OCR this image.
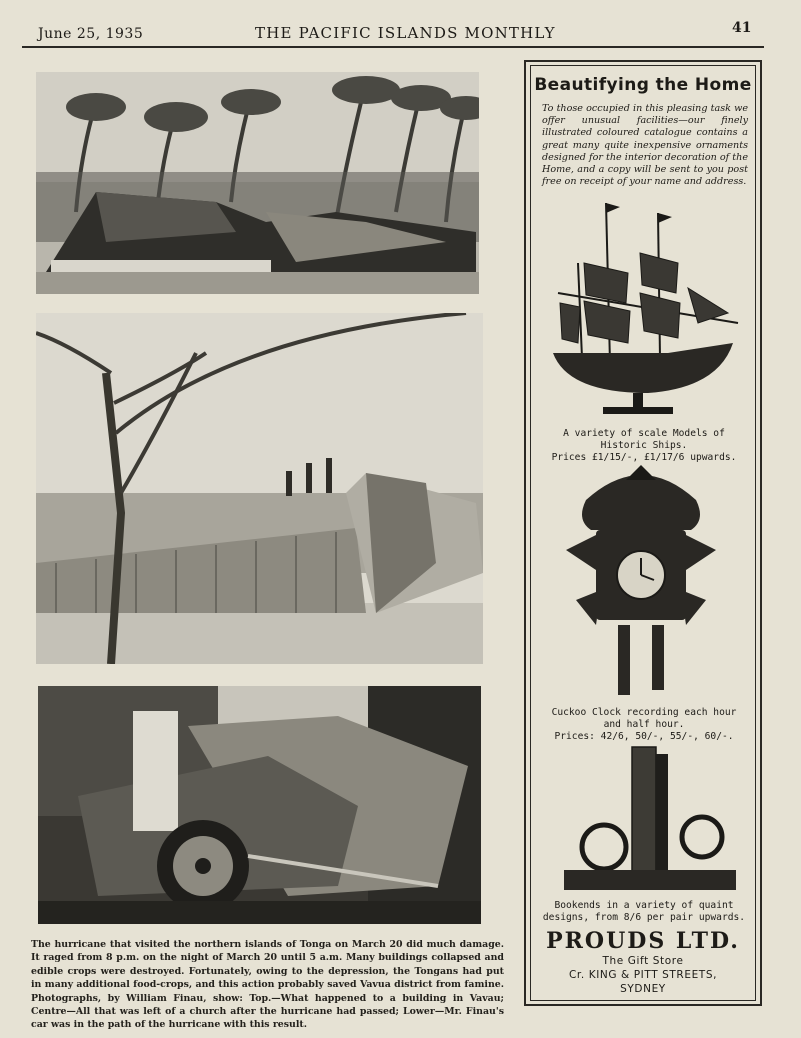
June 25, 1935	THE PACIFIC ISLANDS MONTHLY	41
The hurricane that visited the northern islands of Tonga on March 20 did much damage. It raged from 8 p.m. on the night of March 20 until 5 a.m. Many buildings collapsed and edible crops were destroyed. Fortunately, owing to the depression, the Tongans had put in many additional food-crops, and this action probably saved Vavua district from famine. Photographs, by William Finau, show: Top.—What happened to a building in Vavau; Centre—All that was left of a church after the hurricane had passed; Lower—Mr. Finau's car was in the path of the hurricane with this result.
Beautifying the Home
To those occupied in this pleasing task we offer unusual facilities—our finely illustrated coloured catalogue contains a great many quite inexpensive ornaments designed for the interior decoration of the Home, and a copy will be sent to you post free on receipt of your name and address.
A variety of scale Models of
Historic Ships.
Prices £1/15/-, £1/17/6 upwards.
Cuckoo Clock recording each hour
and half hour.
Prices: 42/6, 50/-, 55/-, 60/-.
Bookends in a variety of quaint
designs, from 8/6 per pair upwards.
PROUDS LTD.
The Gift Store
Cr. KING & PITT STREETS,
SYDNEY
